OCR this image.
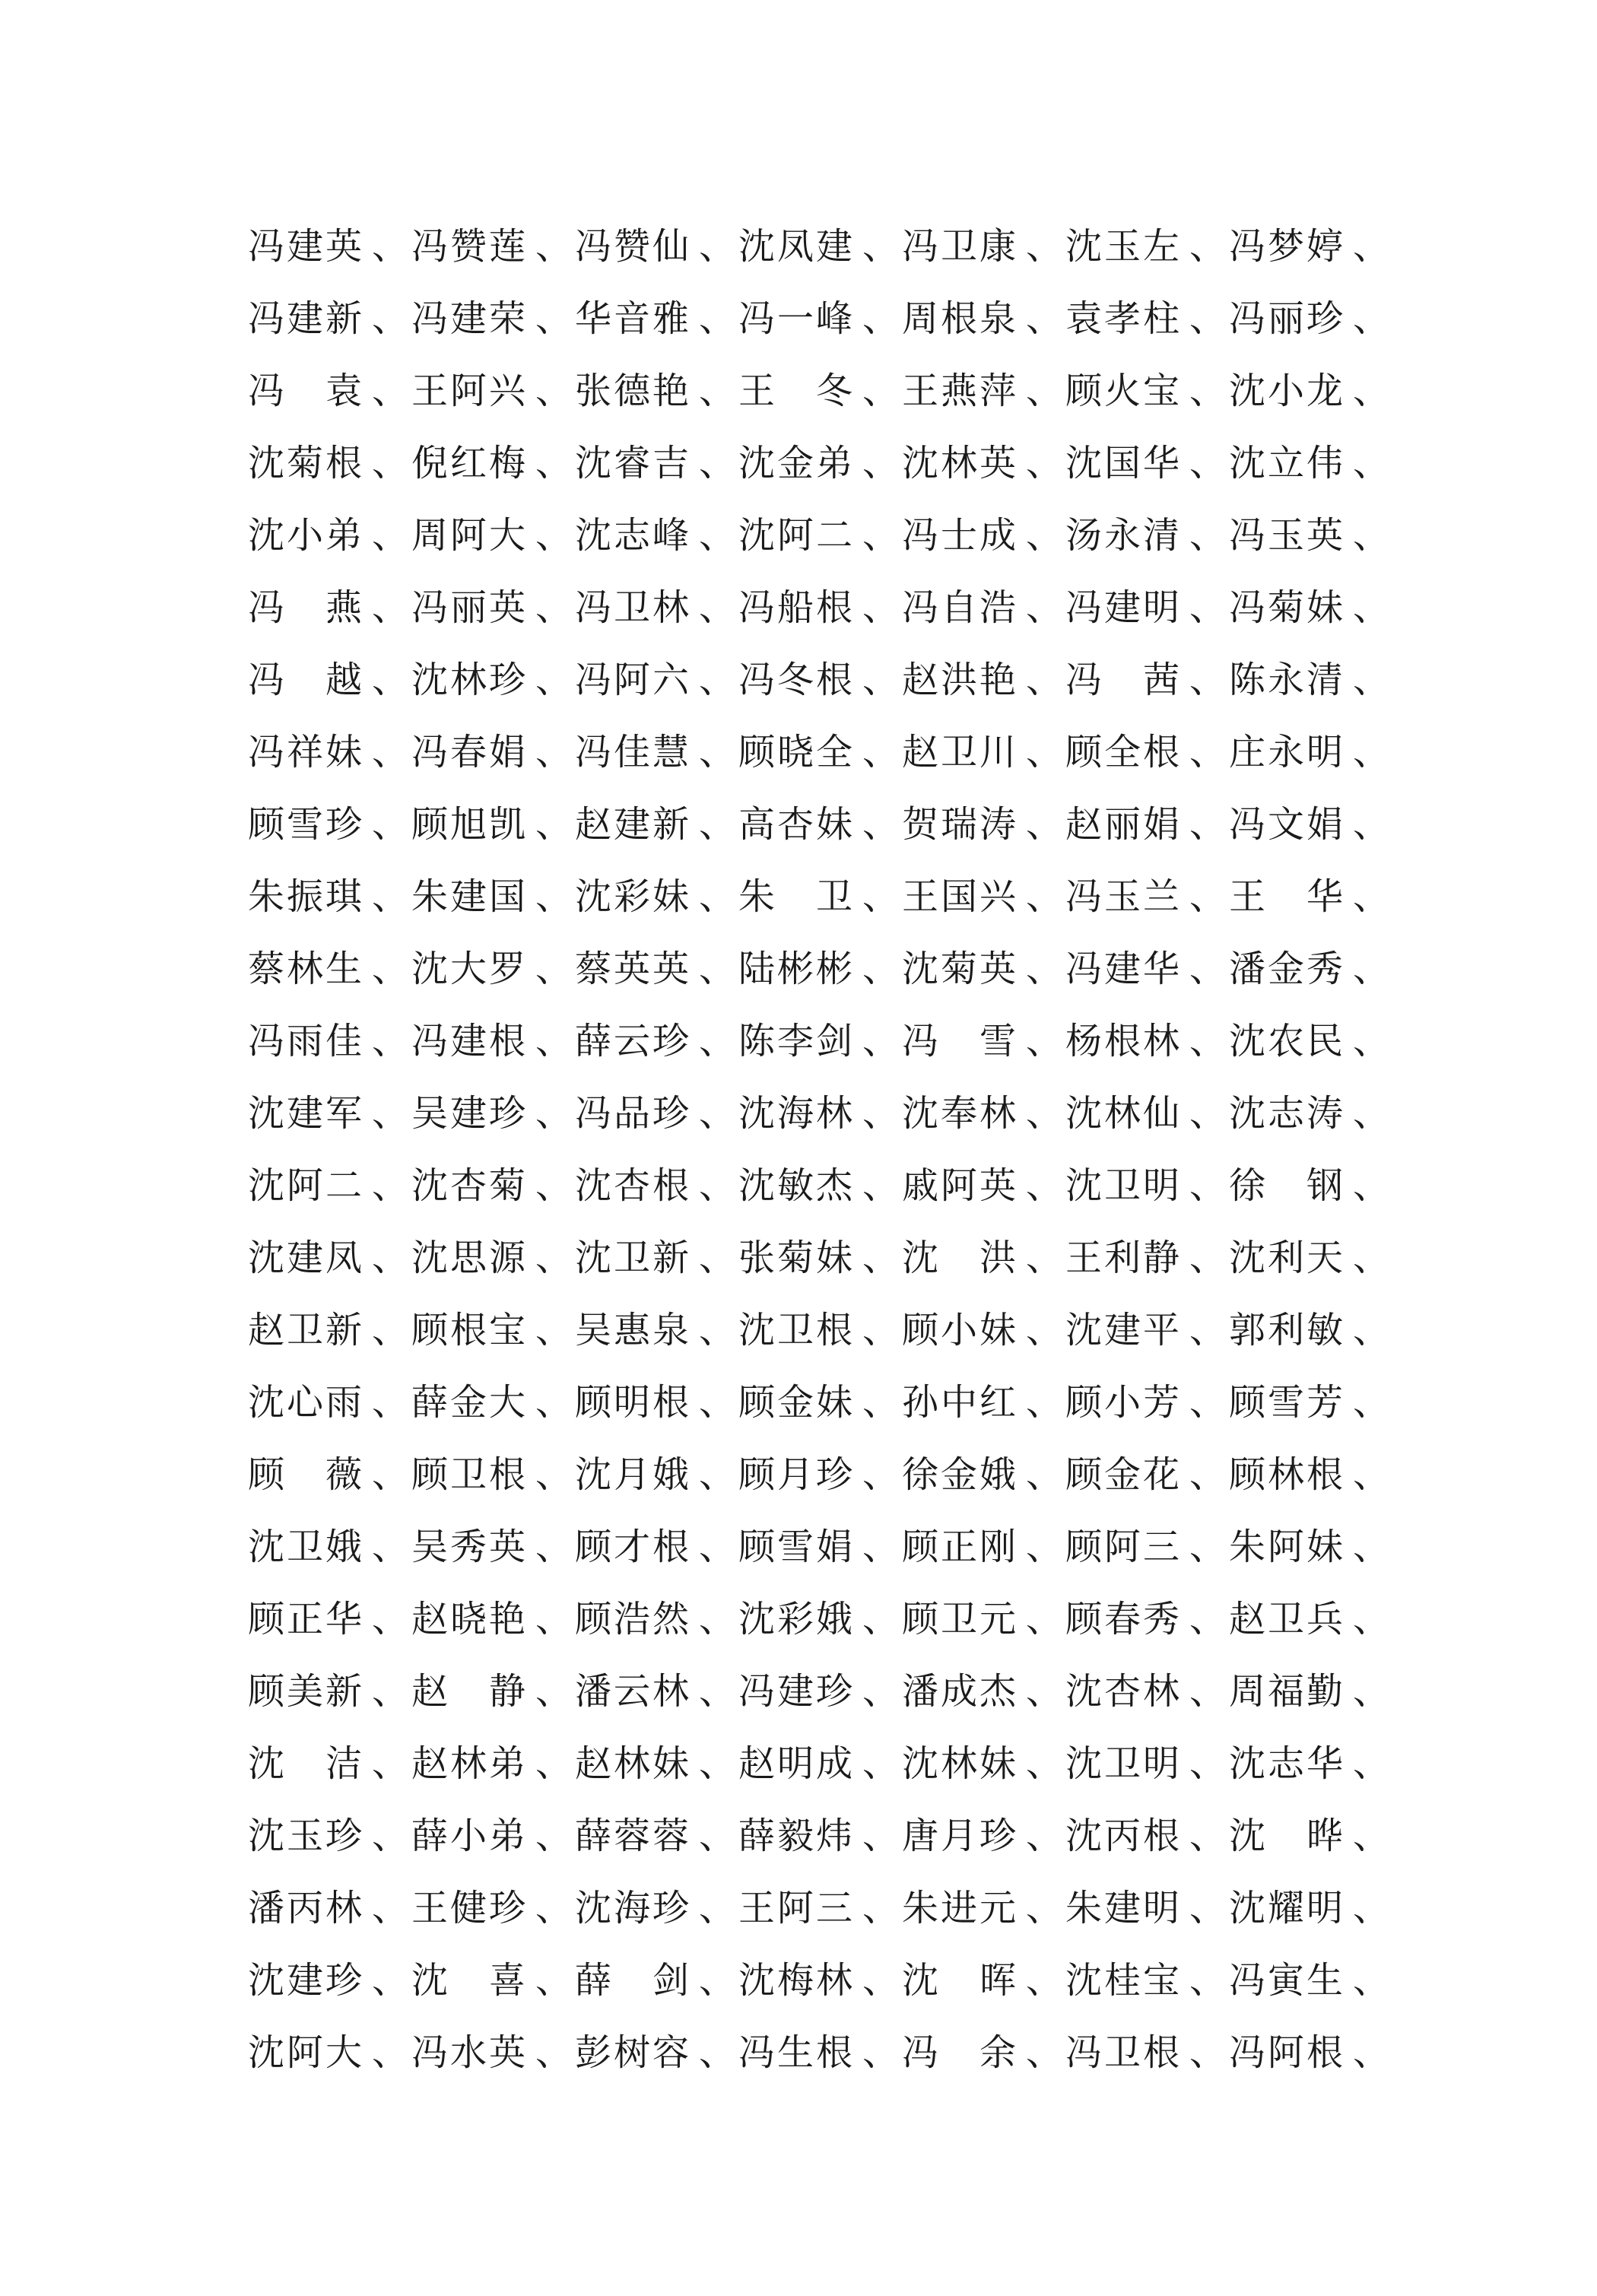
冯 建 英 、 冯 赞 莲 、 冯 赞 仙 、 沈 凤 建 、 冯 卫 康 、 沈 玉 左 、 冯 梦 婷 、
冯 建 新 、 冯 建 荣 、 华 音 雅 、 冯 一 峰 、 周 根 泉 、 袁 孝 柱 、 冯 丽 珍 、
冯
　 袁 、 王 阿 兴 、 张 德 艳 、 王
　 冬 、 王 燕 萍 、 顾 火 宝 、 沈 小 龙 、
沈 菊 根 、 倪 红 梅 、 沈 睿 吉 、 沈 金 弟 、 沈 林 英 、 沈 国 华 、 沈 立 伟 、
沈 小 弟 、 周 阿 大 、 沈 志 峰 、 沈 阿 二 、 冯 士 成 、 汤 永 清 、 冯 玉 英 、
冯
　 燕 、 冯 丽 英 、 冯 卫 林 、 冯 船 根 、 冯 自 浩 、 冯 建 明 、 冯 菊 妹 、
冯
　 越 、 沈 林 珍 、 冯 阿 六 、 冯 冬 根 、 赵 洪 艳 、 冯
　 茜 、 陈 永 清 、
冯 祥 妹 、 冯 春 娟 、 冯 佳 慧 、 顾 晓 全 、 赵 卫 川 、 顾 全 根 、 庄 永 明 、
顾 雪 珍 、 顾 旭 凯 、 赵 建 新 、 高 杏 妹 、 贺 瑞 涛 、 赵 丽 娟 、 冯 文 娟 、
朱 振 琪 、 朱 建 国 、 沈 彩 妹 、 朱
　 卫 、 王 国 兴 、 冯 玉 兰 、 王
　 华 、
蔡 林 生 、 沈 大 罗 、 蔡 英 英 、 陆 彬 彬 、 沈 菊 英 、 冯 建 华 、 潘 金 秀 、
冯 雨 佳 、 冯 建 根 、 薛 云 珍 、 陈 李 剑 、 冯
　 雪 、 杨 根 林 、 沈 农 民 、
沈 建 军 、 吴 建 珍 、 冯 品 珍 、 沈 海 林 、 沈 奉 林 、 沈 林 仙 、 沈 志 涛 、
沈 阿 二 、 沈 杏 菊 、 沈 杏 根 、 沈 敏 杰 、 戚 阿 英 、 沈 卫 明 、 徐
　 钢 、
沈 建 凤 、 沈 思 源 、 沈 卫 新 、 张 菊 妹 、 沈
　 洪 、 王 利 静 、 沈 利 天 、
赵 卫 新 、 顾 根 宝 、 吴 惠 泉 、 沈 卫 根 、 顾 小 妹 、 沈 建 平 、 郭 利 敏 、
沈 心 雨 、 薛 金 大 、 顾 明 根 、 顾 金 妹 、 孙 中 红 、 顾 小 芳 、 顾 雪 芳 、
顾
　 薇 、 顾 卫 根 、 沈 月 娥 、 顾 月 珍 、 徐 金 娥 、 顾 金 花 、 顾 林 根 、
沈 卫 娥 、 吴 秀 英 、 顾 才 根 、 顾 雪 娟 、 顾 正 刚 、 顾 阿 三 、 朱 阿 妹 、
顾 正 华 、 赵 晓 艳 、 顾 浩 然 、 沈 彩 娥 、 顾 卫 元 、 顾 春 秀 、 赵 卫 兵 、
顾 美 新 、 赵
　 静 、 潘 云 林 、 冯 建 珍 、 潘 成 杰 、 沈 杏 林 、 周 福 勤 、
沈
　 洁 、 赵 林 弟 、 赵 林 妹 、 赵 明 成 、 沈 林 妹 、 沈 卫 明 、 沈 志 华 、
沈 玉 珍 、 薛 小 弟 、 薛 蓉 蓉 、 薛 毅 炜 、 唐 月 珍 、 沈 丙 根 、 沈
　 晔 、
潘 丙 林 、 王 健 珍 、 沈 海 珍 、 王 阿 三 、 朱 进 元 、 朱 建 明 、 沈 耀 明 、
沈 建 珍 、 沈
　 喜 、 薛
　 剑 、 沈 梅 林 、 沈
　 晖 、 沈 桂 宝 、 冯 寅 生 、
沈 阿 大 、 冯 水 英 、 彭 树 容 、 冯 生 根 、 冯
　 余 、 冯 卫 根 、 冯 阿 根 、
